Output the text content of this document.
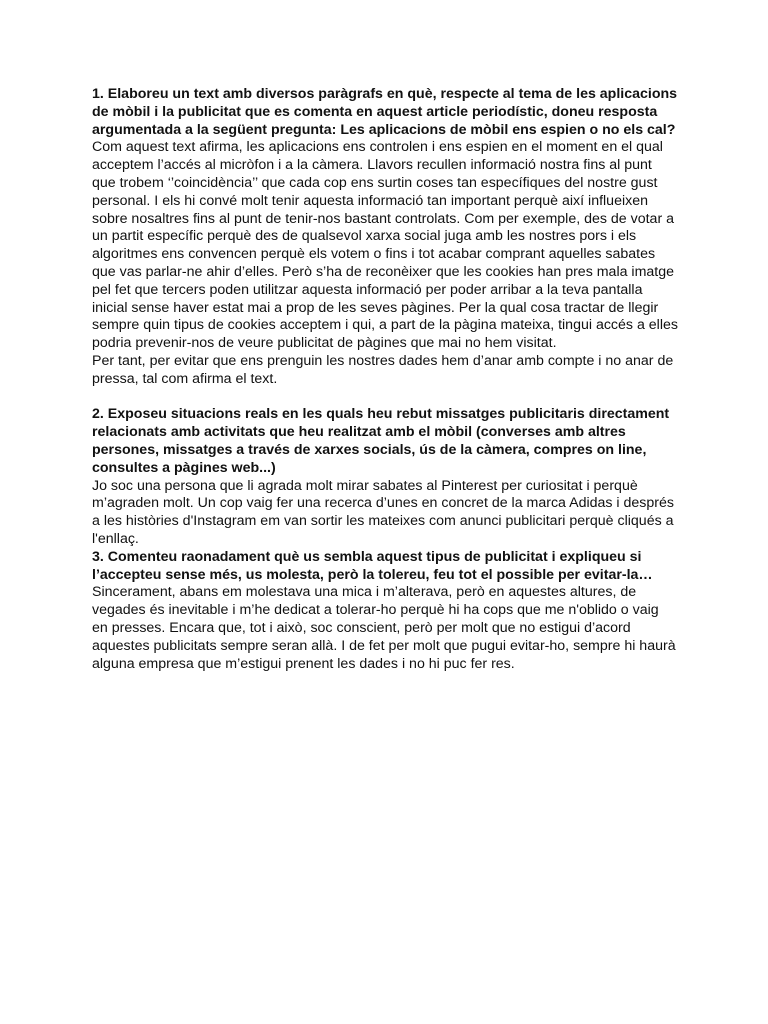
1. Elaboreu un text amb diversos paràgrafs en què, respecte al tema de les aplicacions de mòbil i la publicitat que es comenta en aquest article periodístic, doneu resposta argumentada a la següent pregunta: Les aplicacions de mòbil ens espien o no els cal?

Com aquest text afirma, les aplicacions ens controlen i ens espien en el moment en el qual acceptem l’accés al micròfon i a la càmera. Llavors recullen informació nostra fins al punt que trobem ‘’coincidència’’ que cada cop ens surtin coses tan específiques del nostre gust personal. I els hi convé molt tenir aquesta informació tan important perquè així influeixen sobre nosaltres fins al punt de tenir-nos bastant controlats. Com per exemple, des de votar a un partit específic perquè des de qualsevol xarxa social juga amb les nostres pors i els algoritmes ens convencen perquè els votem o fins i tot acabar comprant aquelles sabates que vas parlar-ne ahir d’elles. Però s’ha de reconèixer que les cookies han pres mala imatge pel fet que tercers poden utilitzar aquesta informació per poder arribar a la teva pantalla inicial sense haver estat mai a prop de les seves pàgines. Per la qual cosa tractar de llegir sempre quin tipus de cookies acceptem i qui, a part de la pàgina mateixa, tingui accés a elles podria prevenir-nos de veure publicitat de pàgines que mai no hem visitat.

Per tant, per evitar que ens prenguin les nostres dades hem d’anar amb compte i no anar de pressa, tal com afirma el text.

2. Exposeu situacions reals en les quals heu rebut missatges publicitaris directament relacionats amb activitats que heu realitzat amb el mòbil (converses amb altres persones, missatges a través de xarxes socials, ús de la càmera, compres on line, consultes a pàgines web...)

Jo soc una persona que li agrada molt mirar sabates al Pinterest per curiositat i perquè m’agraden molt. Un cop vaig fer una recerca d’unes en concret de la marca Adidas i després a les històries d'Instagram em van sortir les mateixes com anunci publicitari perquè cliqués a l'enllaç.

3. Comenteu raonadament què us sembla aquest tipus de publicitat i expliqueu si l’accepteu sense més, us molesta, però la tolereu, feu tot el possible per evitar-la…

Sincerament, abans em molestava una mica i m’alterava, però en aquestes altures, de vegades és inevitable i m’he dedicat a tolerar-ho perquè hi ha cops que me n'oblido o vaig en presses. Encara que, tot i això, soc conscient, però per molt que no estigui d’acord aquestes publicitats sempre seran allà. I de fet per molt que pugui evitar-ho, sempre hi haurà alguna empresa que m’estigui prenent les dades i no hi puc fer res.
